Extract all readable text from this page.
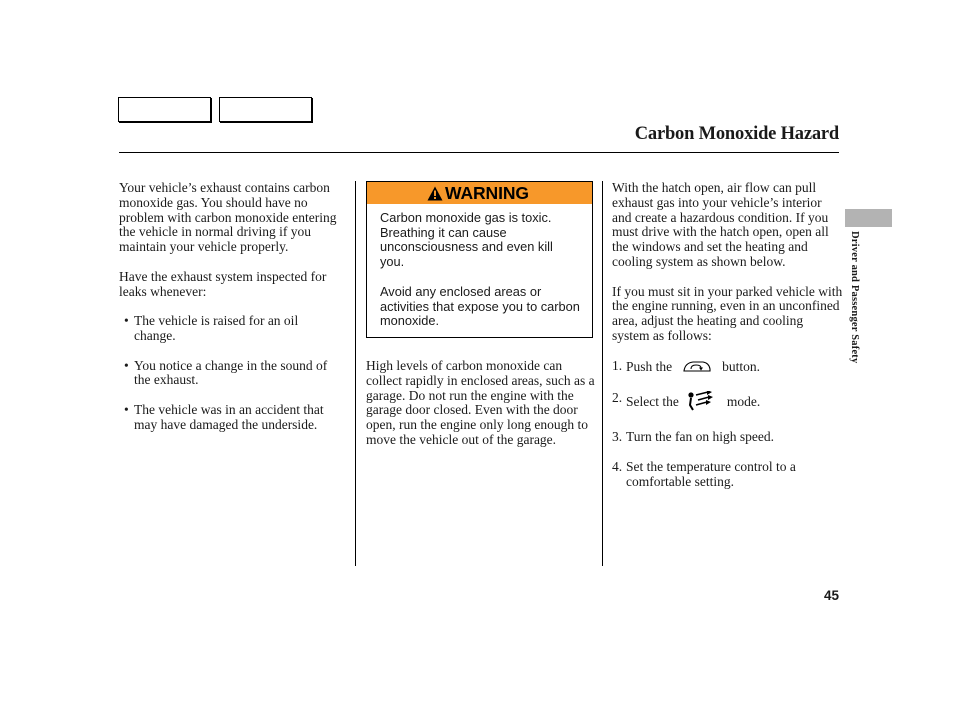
Carbon Monoxide Hazard

Your vehicle’s exhaust contains carbon monoxide gas. You should have no problem with carbon monoxide entering the vehicle in normal driving if you maintain your vehicle properly.

Have the exhaust system inspected for leaks whenever:

• The vehicle is raised for an oil change.
• You notice a change in the sound of the exhaust.
• The vehicle was in an accident that may have damaged the underside.
WARNING

Carbon monoxide gas is toxic. Breathing it can cause unconsciousness and even kill you.

Avoid any enclosed areas or activities that expose you to carbon monoxide.

High levels of carbon monoxide can collect rapidly in enclosed areas, such as a garage. Do not run the engine with the garage door closed. Even with the door open, run the engine only long enough to move the vehicle out of the garage.

With the hatch open, air flow can pull exhaust gas into your vehicle’s interior and create a hazardous condition. If you must drive with the hatch open, open all the windows and set the heating and cooling system as shown below.

If you must sit in your parked vehicle with the engine running, even in an unconfined area, adjust the heating and cooling system as follows:

1. Push the	button.
2. Select the	mode.
3. Turn the fan on high speed.
4. Set the temperature control to a comfortable setting.
Driver and Passenger Safety
45
